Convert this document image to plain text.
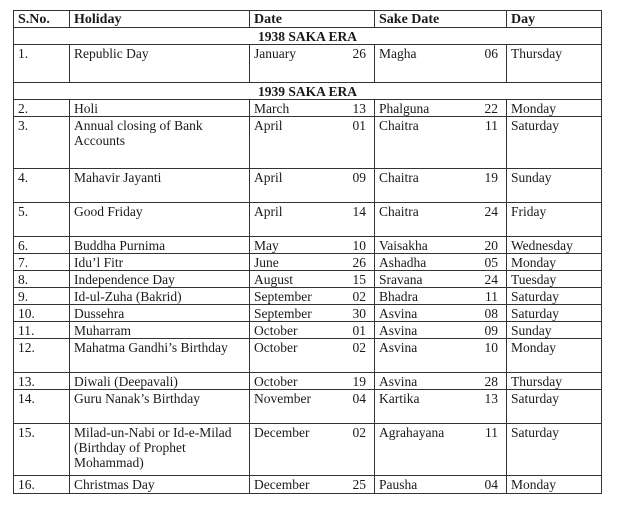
S.No.	Holiday	Date	Sake Date	Day
1938 SAKA ERA				
1.	Republic Day	January 26	Magha 06	Thursday
1939 SAKA ERA				
2.	Holi	March 13	Phalguna 22	Monday
3.	Annual closing of Bank Accounts	April 01	Chaitra 11	Saturday
4.	Mahavir Jayanti	April 09	Chaitra 19	Sunday
5.	Good Friday	April 14	Chaitra 24	Friday
6.	Buddha Purnima	May 10	Vaisakha 20	Wednesday
7.	Idu’l Fitr	June 26	Ashadha 05	Monday
8.	Independence Day	August 15	Sravana 24	Tuesday
9.	Id-ul-Zuha (Bakrid)	September 02	Bhadra 11	Saturday
10.	Dussehra	September 30	Asvina 08	Saturday
11.	Muharram	October 01	Asvina 09	Sunday
12.	Mahatma Gandhi’s Birthday	October 02	Asvina 10	Monday
13.	Diwali (Deepavali)	October 19	Asvina 28	Thursday
14.	Guru Nanak’s Birthday	November 04	Kartika 13	Saturday
15.	Milad-un-Nabi or Id-e-Milad (Birthday of Prophet Mohammad)	December 02	Agrahayana 11	Saturday
16.	Christmas Day	December 25	Pausha 04	Monday
